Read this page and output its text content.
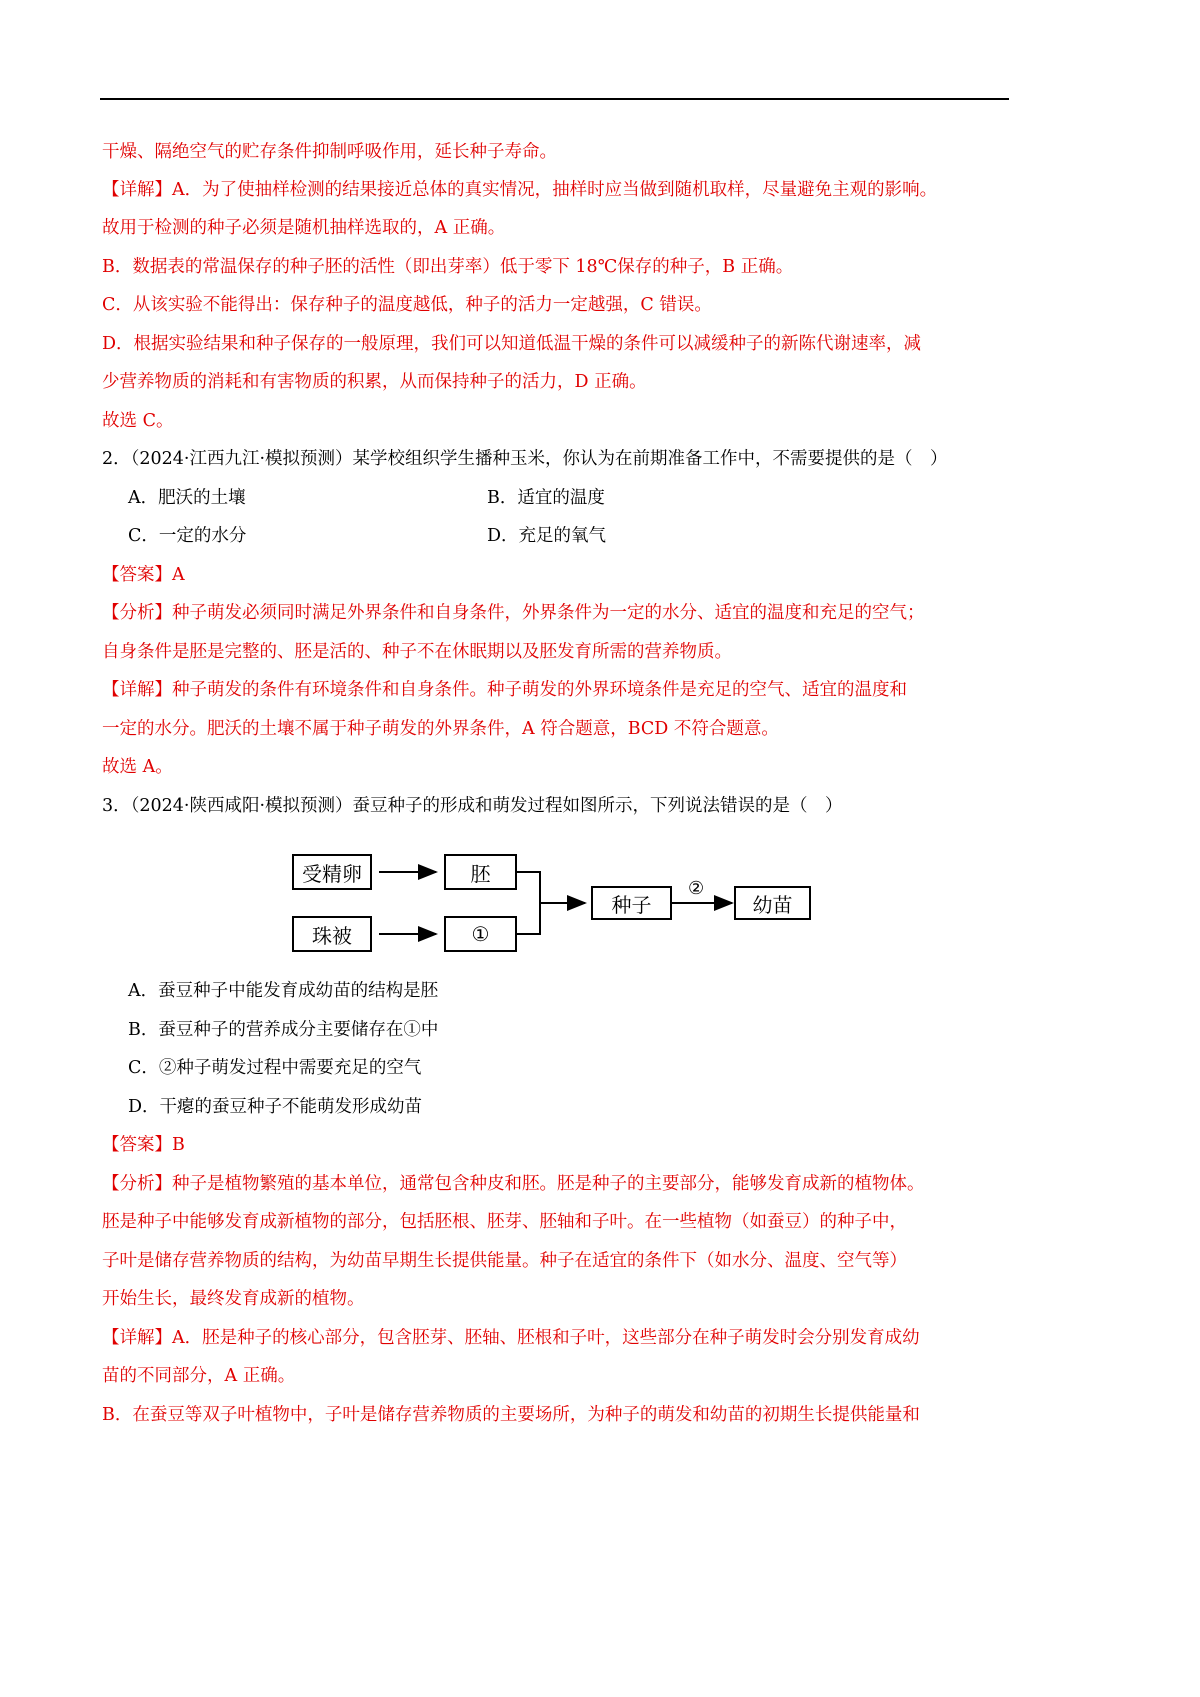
干燥、隔绝空气的贮存条件抑制呼吸作用，延长种子寿命。
【详解】A．为了使抽样检测的结果接近总体的真实情况，抽样时应当做到随机取样，尽量避免主观的影响。
故用于检测的种子必须是随机抽样选取的，A 正确。
B．数据表的常温保存的种子胚的活性（即出芽率）低于零下 18℃保存的种子，B 正确。
C．从该实验不能得出：保存种子的温度越低，种子的活力一定越强，C 错误。
D．根据实验结果和种子保存的一般原理，我们可以知道低温干燥的条件可以减缓种子的新陈代谢速率，减
少营养物质的消耗和有害物质的积累，从而保持种子的活力，D 正确。
故选 C。
2．（2024·江西九江·模拟预测）某学校组织学生播种玉米，你认为在前期准备工作中，不需要提供的是（　）
A．肥沃的土壤	B．适宜的温度
C．一定的水分	D．充足的氧气
【答案】A
【分析】种子萌发必须同时满足外界条件和自身条件，外界条件为一定的水分、适宜的温度和充足的空气；
自身条件是胚是完整的、胚是活的、种子不在休眠期以及胚发育所需的营养物质。
【详解】种子萌发的条件有环境条件和自身条件。种子萌发的外界环境条件是充足的空气、适宜的温度和
一定的水分。肥沃的土壤不属于种子萌发的外界条件，A 符合题意，BCD 不符合题意。
故选 A。
3．（2024·陕西咸阳·模拟预测）蚕豆种子的形成和萌发过程如图所示，下列说法错误的是（　）
受精卵	胚
珠被	①
种子
②
幼苗
A．蚕豆种子中能发育成幼苗的结构是胚
B．蚕豆种子的营养成分主要储存在①中
C．②种子萌发过程中需要充足的空气
D．干瘪的蚕豆种子不能萌发形成幼苗
【答案】B
【分析】种子是植物繁殖的基本单位，通常包含种皮和胚。胚是种子的主要部分，能够发育成新的植物体。
胚是种子中能够发育成新植物的部分，包括胚根、胚芽、胚轴和子叶。在一些植物（如蚕豆）的种子中，
子叶是储存营养物质的结构，为幼苗早期生长提供能量。种子在适宜的条件下（如水分、温度、空气等）
开始生长，最终发育成新的植物。
【详解】A．胚是种子的核心部分，包含胚芽、胚轴、胚根和子叶，这些部分在种子萌发时会分别发育成幼
苗的不同部分，A 正确。
B．在蚕豆等双子叶植物中，子叶是储存营养物质的主要场所，为种子的萌发和幼苗的初期生长提供能量和
